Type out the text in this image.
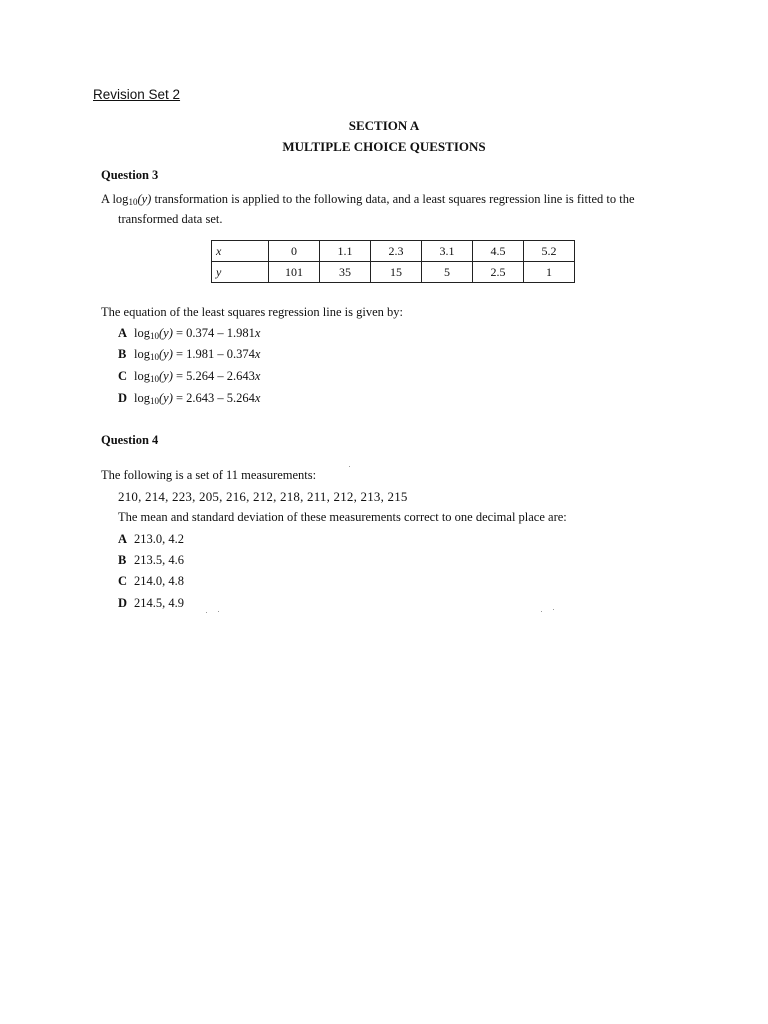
Revision Set 2
SECTION A
MULTIPLE CHOICE QUESTIONS
Question 3
A $\log_{10}(y)$ transformation is applied to the following data, and a least squares regression line is fitted to the
transformed data set.
x	0	1.1	2.3	3.1	4.5	5.2
y	101	35	15	5	2.5	1
The equation of the least squares regression line is given by:
A $\log_{10}(y) = 0.374 - 1.981x$
B $\log_{10}(y) = 1.981 - 0.374x$
C $\log_{10}(y) = 5.264 - 2.643x$
D $\log_{10}(y) = 2.643 - 5.264x$
Question 4
The following is a set of 11 measurements:
210, 214, 223, 205, 216, 212, 218, 211, 212, 213, 215
The mean and standard deviation of these measurements correct to one decimal place are:
A 213.0, 4.2
B 213.5, 4.6
C 214.0, 4.8
D 214.5, 4.9
